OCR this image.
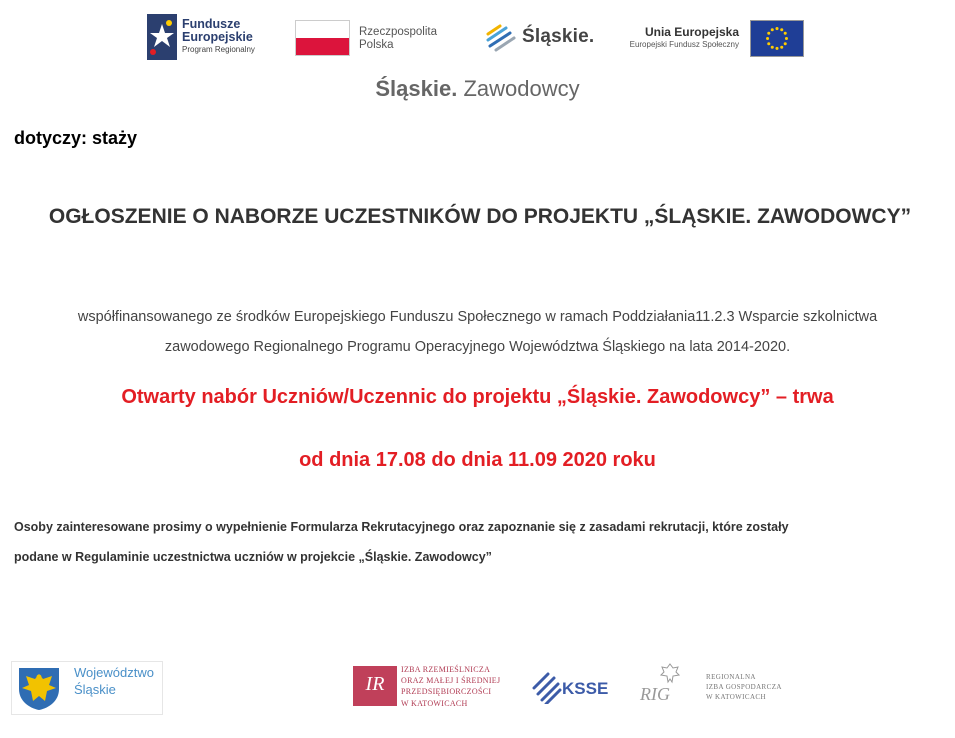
Fundusze
Europejskie
Program Regionalny
Rzeczpospolita
Polska	Śląskie.	Unia Europejska
Europejski Fundusz Społeczny
Śląskie. Zawodowcy
dotyczy: staży
OGŁOSZENIE O NABORZE UCZESTNIKÓW DO PROJEKTU „ŚLĄSKIE. ZAWODOWCY”
współfinansowanego ze środków Europejskiego Funduszu Społecznego w ramach Poddziałania11.2.3 Wsparcie szkolnictwa
zawodowego Regionalnego Programu Operacyjnego Województwa Śląskiego na lata 2014-2020.
Otwarty nabór Uczniów/Uczennic do projektu „Śląskie. Zawodowcy” – trwa
od dnia 17.08 do dnia 11.09 2020 roku
Osoby zainteresowane prosimy o wypełnienie Formularza Rekrutacyjnego oraz zapoznanie się z zasadami rekrutacji, które zostały
podane w Regulaminie uczestnictwa uczniów w projekcie „Śląskie. Zawodowcy”
Województwo
Śląskie	IR
IZBA RZEMIEŚLNICZA
ORAZ MAŁEJ I ŚREDNIEJ
PRZEDSIĘBIORCZOŚCI
W KATOWICACH
KSSE RIG
REGIONALNA
IZBA GOSPODARCZA
W KATOWICACH
